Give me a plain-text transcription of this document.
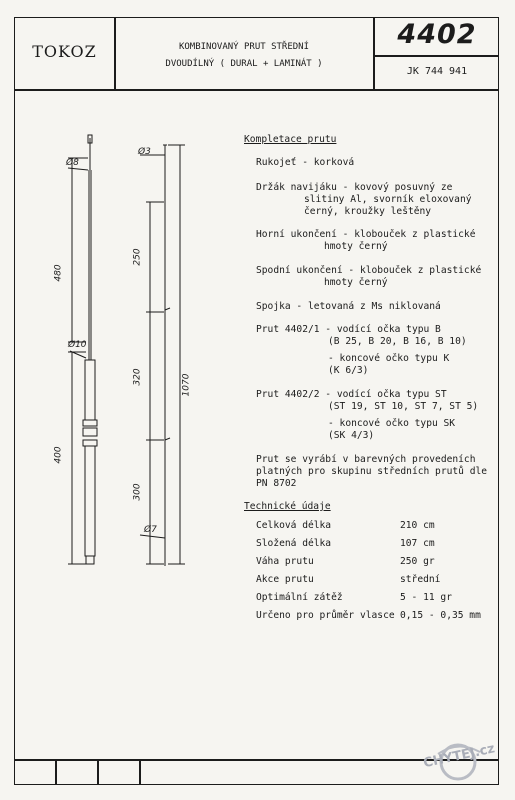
TOKOZ	KOMBINOVANÝ PRUT STŘEDNÍ
DVOUDÍLNÝ ( DURAL + LAMINÁT )
4402
JK 744 941
Ø8
Ø3
Ø10
Ø7
480
400
250
320
300
1070
Kompletace prutu
Rukojeť - korková
Držák navijáku - kovový posuvný ze
slitiny Al, svorník eloxovaný
černý, kroužky leštěny
Horní ukončení - klobouček z plastické
hmoty černý
Spodní ukončení - klobouček z plastické
hmoty černý
Spojka - letovaná z Ms niklovaná
Prut 4402/1 - vodící očka typu B
(B 25, B 20, B 16, B 10)
- koncové očko typu K
(K 6/3)
Prut 4402/2 - vodící očka typu ST
(ST 19, ST 10, ST 7, ST 5)
- koncové očko typu SK
(SK 4/3)
Prut se vyrábí v barevných provedeních
platných pro skupinu středních prutů dle
PN 8702
Technické údaje
Celková délka	210 cm
Složená délka	107 cm
Váha prutu	250 gr
Akce prutu	střední
Optimální zátěž	5 - 11 gr
Určeno pro průměr vlasce 0,15 - 0,35 mm
CHYTEJ.cz
